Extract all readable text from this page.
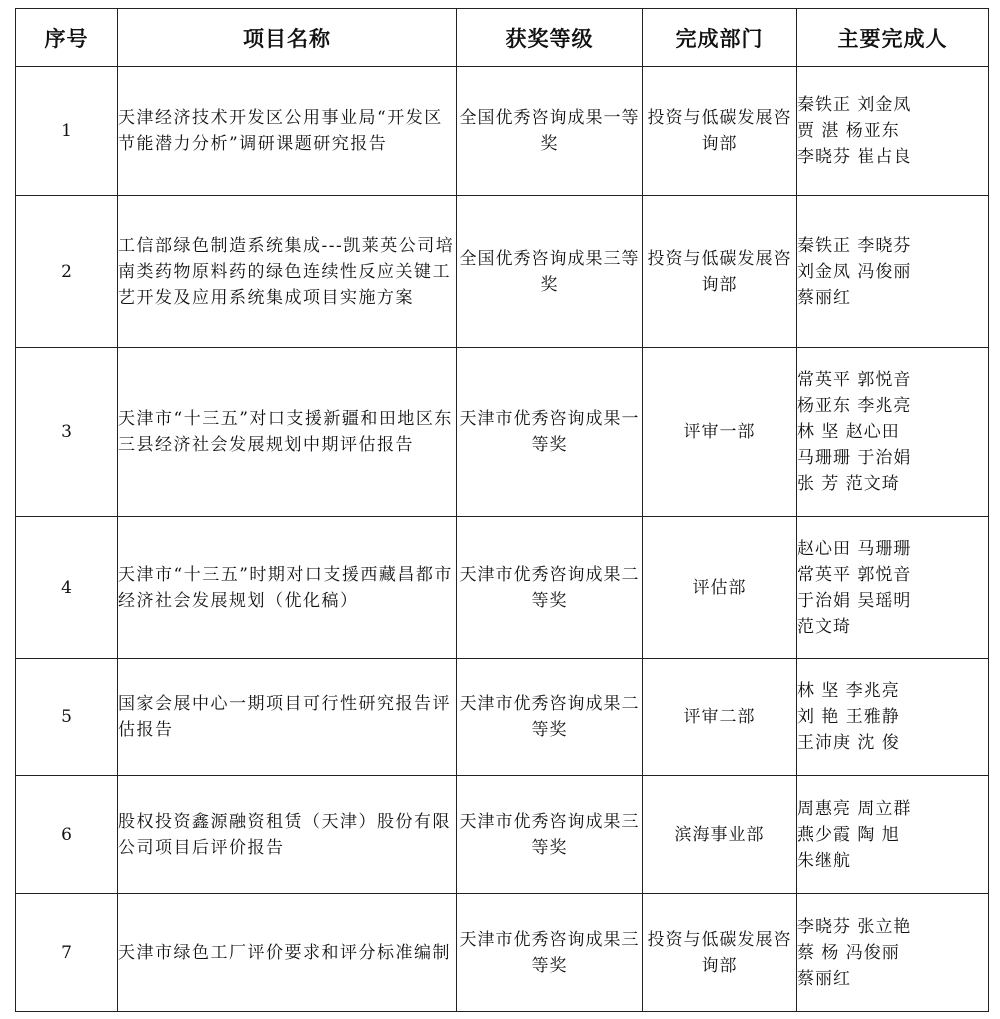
序号	项目名称	获奖等级	完成部门	主要完成人
1	天津经济技术开发区公用事业局“开发区节能潜力分析”调研课题研究报告	全国优秀咨询成果一等奖	投资与低碳发展咨询部	秦铁正 刘金凤
贾 湛 杨亚东
李晓芬 崔占良

2	工信部绿色制造系统集成---凯莱英公司培南类药物原料药的绿色连续性反应关键工艺开发及应用系统集成项目实施方案	全国优秀咨询成果三等奖	投资与低碳发展咨询部	秦铁正 李晓芬
刘金凤 冯俊丽
蔡丽红

3	天津市“十三五”对口支援新疆和田地区东三县经济社会发展规划中期评估报告	天津市优秀咨询成果一等奖	评审一部	常英平 郭悦音
杨亚东 李兆亮
林 坚 赵心田
马珊珊 于治娟
张 芳 范文琦

4	天津市“十三五”时期对口支援西藏昌都市经济社会发展规划（优化稿）	天津市优秀咨询成果二等奖	评估部	赵心田 马珊珊
常英平 郭悦音
于治娟 吴瑶明
范文琦

5	国家会展中心一期项目可行性研究报告评估报告	天津市优秀咨询成果二等奖	评审二部	林 坚 李兆亮
刘 艳 王雅静
王沛庚 沈 俊

6	股权投资鑫源融资租赁（天津）股份有限公司项目后评价报告	天津市优秀咨询成果三等奖	滨海事业部	周惠亮 周立群
燕少霞 陶 旭
朱继航

7	天津市绿色工厂评价要求和评分标准编制	天津市优秀咨询成果三等奖	投资与低碳发展咨询部	李晓芬 张立艳
蔡 杨 冯俊丽
蔡丽红
